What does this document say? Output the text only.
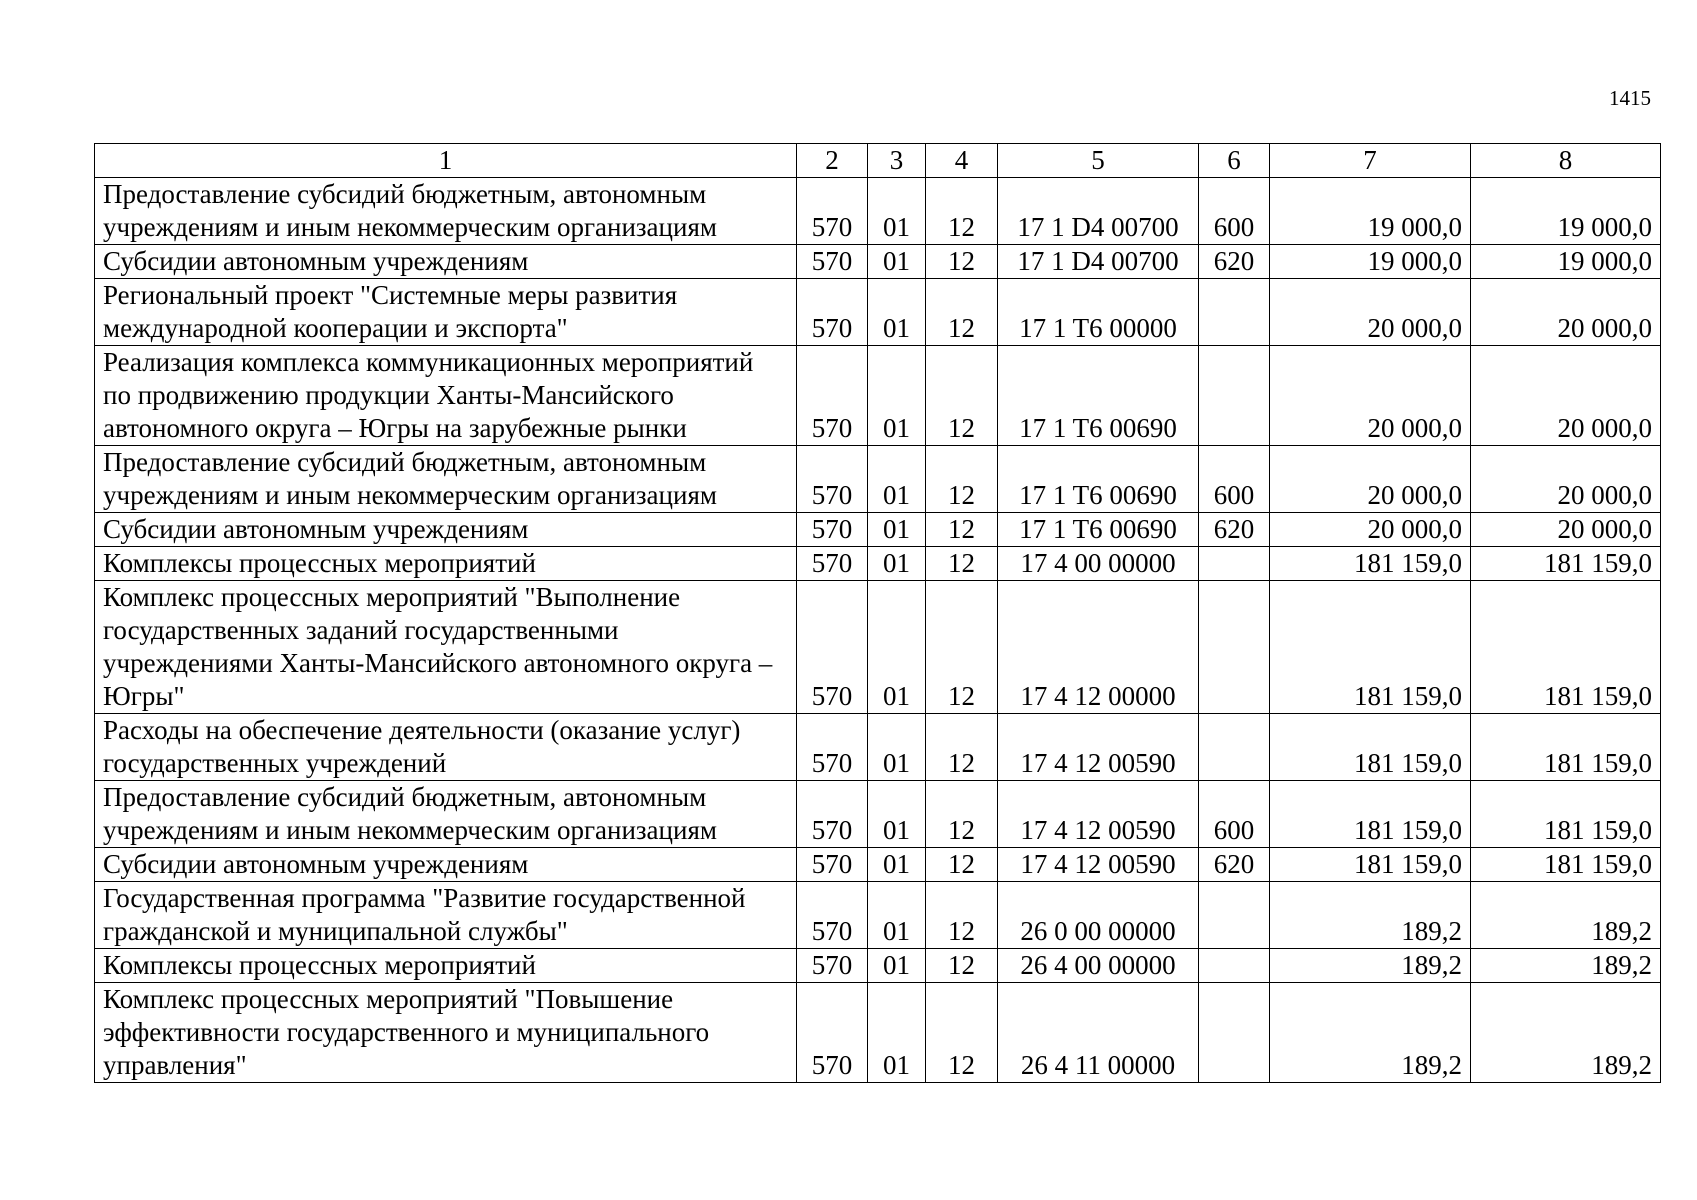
1415
1	2	3	4	5	6	7	8
Предоставление субсидий бюджетным, автономным учреждениям и иным некоммерческим организациям	570	01	12	17 1 D4 00700	600	19 000,0	19 000,0
Субсидии автономным учреждениям	570	01	12	17 1 D4 00700	620	19 000,0	19 000,0
Региональный проект "Системные меры развития международной кооперации и экспорта"	570	01	12	17 1 T6 00000		20 000,0	20 000,0
Реализация комплекса коммуникационных мероприятий по продвижению продукции Ханты-Мансийского автономного округа – Югры на зарубежные рынки	570	01	12	17 1 T6 00690		20 000,0	20 000,0
Предоставление субсидий бюджетным, автономным учреждениям и иным некоммерческим организациям	570	01	12	17 1 T6 00690	600	20 000,0	20 000,0
Субсидии автономным учреждениям	570	01	12	17 1 T6 00690	620	20 000,0	20 000,0
Комплексы процессных мероприятий	570	01	12	17 4 00 00000		181 159,0	181 159,0
Комплекс процессных мероприятий "Выполнение государственных заданий государственными учреждениями Ханты-Мансийского автономного округа – Югры"	570	01	12	17 4 12 00000		181 159,0	181 159,0
Расходы на обеспечение деятельности (оказание услуг) государственных учреждений	570	01	12	17 4 12 00590		181 159,0	181 159,0
Предоставление субсидий бюджетным, автономным учреждениям и иным некоммерческим организациям	570	01	12	17 4 12 00590	600	181 159,0	181 159,0
Субсидии автономным учреждениям	570	01	12	17 4 12 00590	620	181 159,0	181 159,0
Государственная программа "Развитие государственной гражданской и муниципальной службы"	570	01	12	26 0 00 00000		189,2	189,2
Комплексы процессных мероприятий	570	01	12	26 4 00 00000		189,2	189,2
Комплекс процессных мероприятий "Повышение эффективности государственного и муниципального управления"	570	01	12	26 4 11 00000		189,2	189,2
